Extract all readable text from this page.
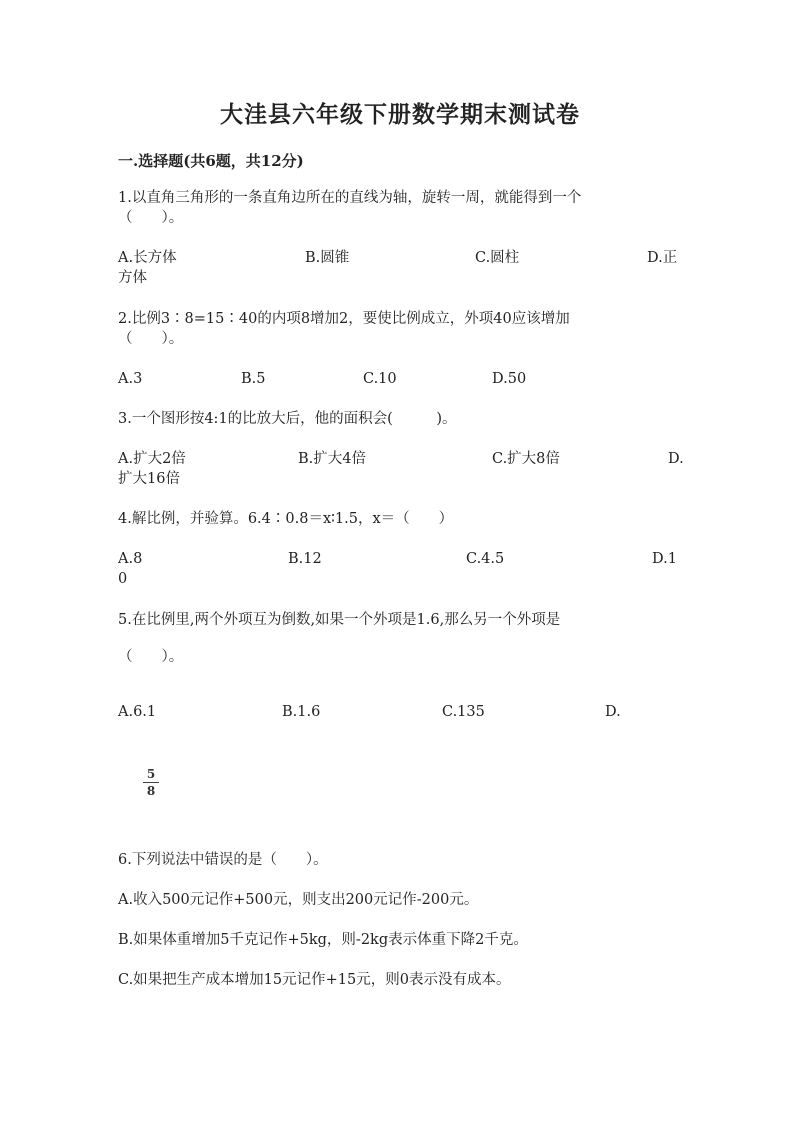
大洼县六年级下册数学期末测试卷
一.选择题(共6题，共12分)
1.以直角三角形的一条直角边所在的直线为轴，旋转一周，就能得到一个
（　　）。
A.长方体	B.圆锥	C.圆柱	D.正
方体
2.比例3∶8=15∶40的内项8增加2，要使比例成立，外项40应该增加
（　　）。
A.3	B.5	C.10	D.50
3.一个图形按4:1的比放大后，他的面积会(　　　)。
A.扩大2倍	B.扩大4倍	C.扩大8倍	D.
扩大16倍
4.解比例，并验算。6.4∶0.8＝x∶1.5，x＝（　　）
A.8	B.12	C.4.5	D.1
0
5.在比例里,两个外项互为倒数,如果一个外项是1.6,那么另一个外项是
（　　）。
A.6.1	B.1.6	C.135	D.
5
8
6.下列说法中错误的是（　　）。
A.收入500元记作+500元，则支出200元记作-200元。
B.如果体重增加5千克记作+5kg，则-2kg表示体重下降2千克。
C.如果把生产成本增加15元记作+15元，则0表示没有成本。
